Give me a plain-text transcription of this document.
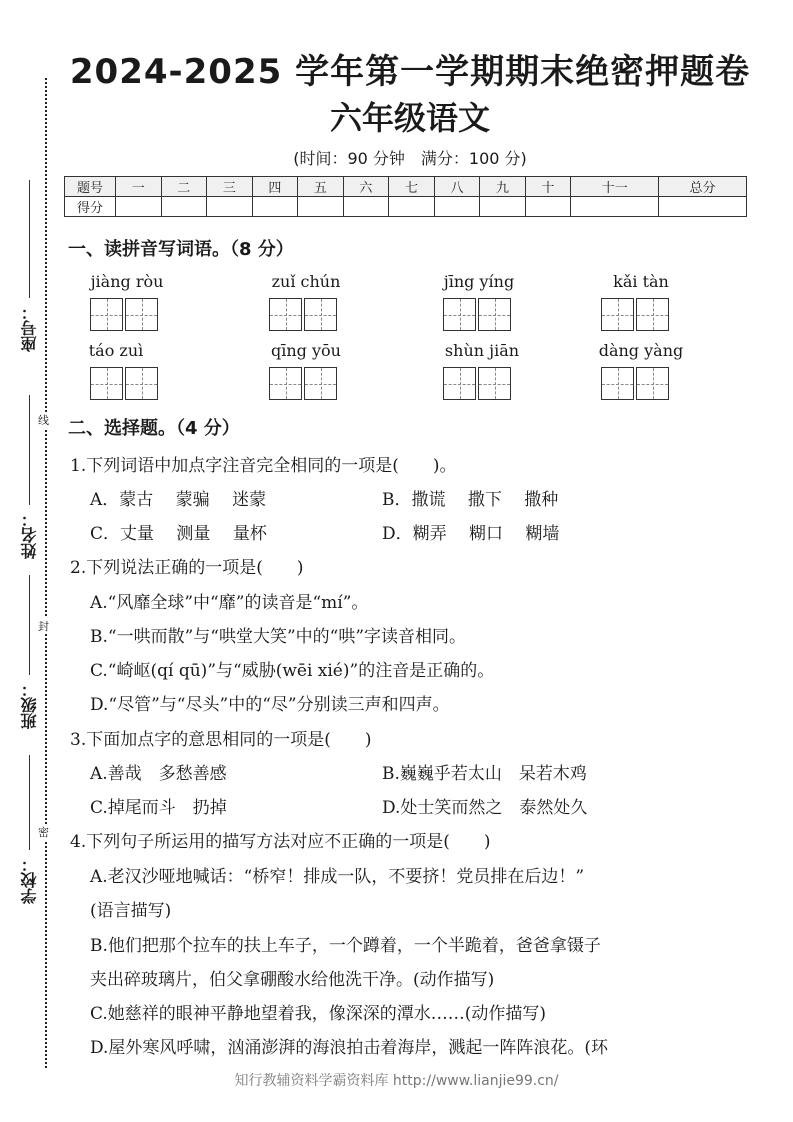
线
封
密
座号：
姓名：
班级：
学校：
2024-2025 学年第一学期期末绝密押题卷
六年级语文
(时间：90 分钟　满分：100 分)
题号	一	二	三	四	五	六	七	八	九	十	十一	总分
得分												
一、读拼音写词语。（8 分）
jiàng ròu	zuǐ chún	jīng yíng	kǎi tàn
táo zuì	qīng yōu	shùn jiān	dàng yàng
二、选择题。（4 分）
1.下列词语中加点字注音完全相同的一项是(　　)。
A．蒙古　 蒙骗　 迷蒙	B．撒谎　 撒下　 撒种
C．丈量　 测量　 量杯	D．糊弄　 糊口　 糊墙
2.下列说法正确的一项是(　　)
A.“风靡全球”中“靡”的读音是“mí”。
B.“一哄而散”与“哄堂大笑”中的“哄”字读音相同。
C.“崎岖(qí qū)”与“威胁(wēi xié)”的注音是正确的。
D.“尽管”与“尽头”中的“尽”分别读三声和四声。
3.下面加点字的意思相同的一项是(　　)
A.善哉　多愁善感	B.巍巍乎若太山　呆若木鸡
C.掉尾而斗　扔掉	D.处士笑而然之　泰然处久
4.下列句子所运用的描写方法对应不正确的一项是(　　)
A.老汉沙哑地喊话：“桥窄！排成一队，不要挤！党员排在后边！”
(语言描写)
B.他们把那个拉车的扶上车子，一个蹲着，一个半跪着，爸爸拿镊子
夹出碎玻璃片，伯父拿硼酸水给他洗干净。(动作描写)
C.她慈祥的眼神平静地望着我，像深深的潭水……(动作描写)
D.屋外寒风呼啸，汹涌澎湃的海浪拍击着海岸，溅起一阵阵浪花。(环
知行教辅资料学霸资料库 http://www.lianjie99.cn/
